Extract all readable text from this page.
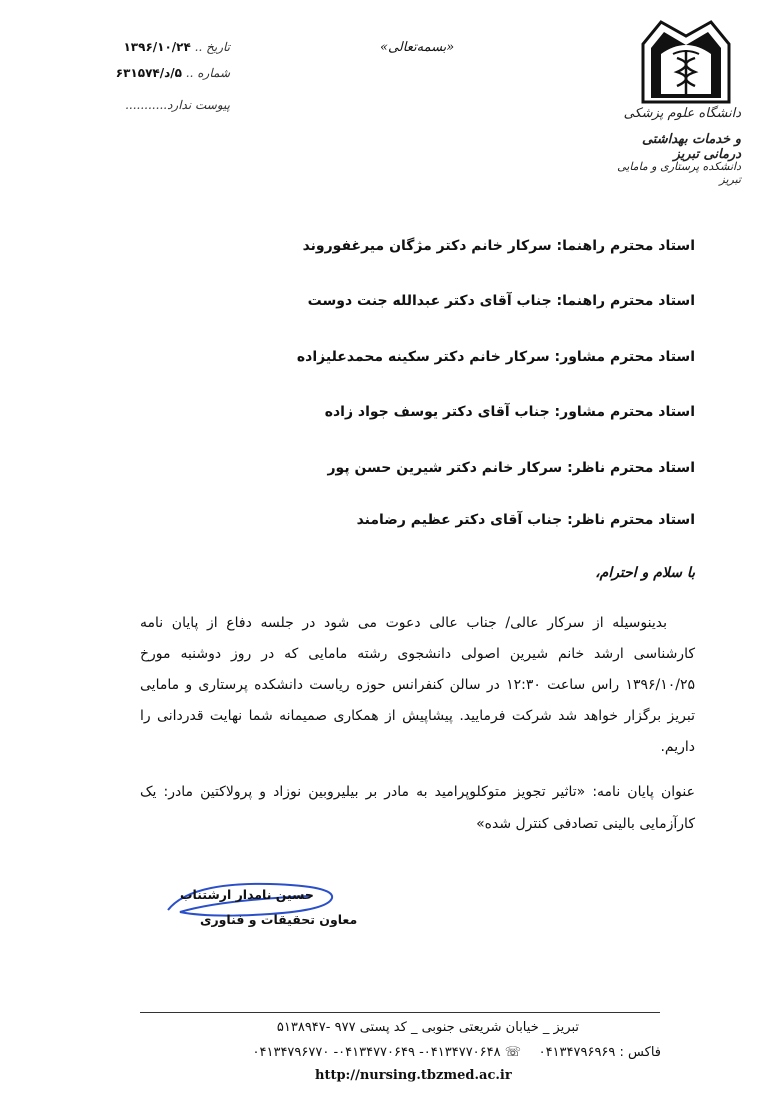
دانشگاه علوم پزشکی
و خدمات بهداشتی درمانی تبریز
دانشکده پرستاری و مامایی تبریز
«بسمه‌تعالی»
تاریخ .. ۱۳۹۶/۱۰/۲۴
شماره .. ۵/د/۶۳۱۵۷۴
پیوست ندارد...........
استاد محترم راهنما: سرکار خانم دکتر مژگان میرغفوروند
استاد محترم راهنما: جناب آقای دکتر عبدالله جنت دوست
استاد محترم مشاور: سرکار خانم دکتر سکینه محمدعلیزاده
استاد محترم مشاور: جناب آقای دکتر یوسف جواد زاده
استاد محترم ناظر: سرکار خانم دکتر شیرین حسن پور
استاد محترم ناظر: جناب آقای دکتر عظیم رضامند
با سلام و احترام،
بدینوسیله از سرکار عالی/ جناب عالی دعوت می شود در جلسه دفاع از پایان نامه کارشناسی ارشد خانم شیرین اصولی دانشجوی رشته مامایی که در روز دوشنبه مورخ ۱۳۹۶/۱۰/۲۵ راس ساعت ۱۲:۳۰ در سالن کنفرانس حوزه ریاست دانشکده پرستاری و مامایی تبریز برگزار خواهد شد شرکت فرمایید. پیشاپیش از همکاری صمیمانه شما نهایت قدردانی را داریم.
عنوان پایان نامه: «تاثیر تجویز متوکلوپرامید به مادر بر بیلیروبین نوزاد و پرولاکتین مادر: یک کارآزمایی بالینی تصادفی کنترل شده»
حسین نامدار ارشتناب
معاون تحقیقات و فناوری
تبریز _ خیابان شریعتی جنوبی _ کد پستی ۹۷۷ -۵۱۳۸۹۴۷
☏ ۰۴۱۳۴۷۷۰۶۴۸- ۰۴۱۳۴۷۷۰۶۴۹- ۰۴۱۳۴۷۹۶۷۷۰ فاکس : ۰۴۱۳۴۷۹۶۹۶۹
http://nursing.tbzmed.ac.ir
